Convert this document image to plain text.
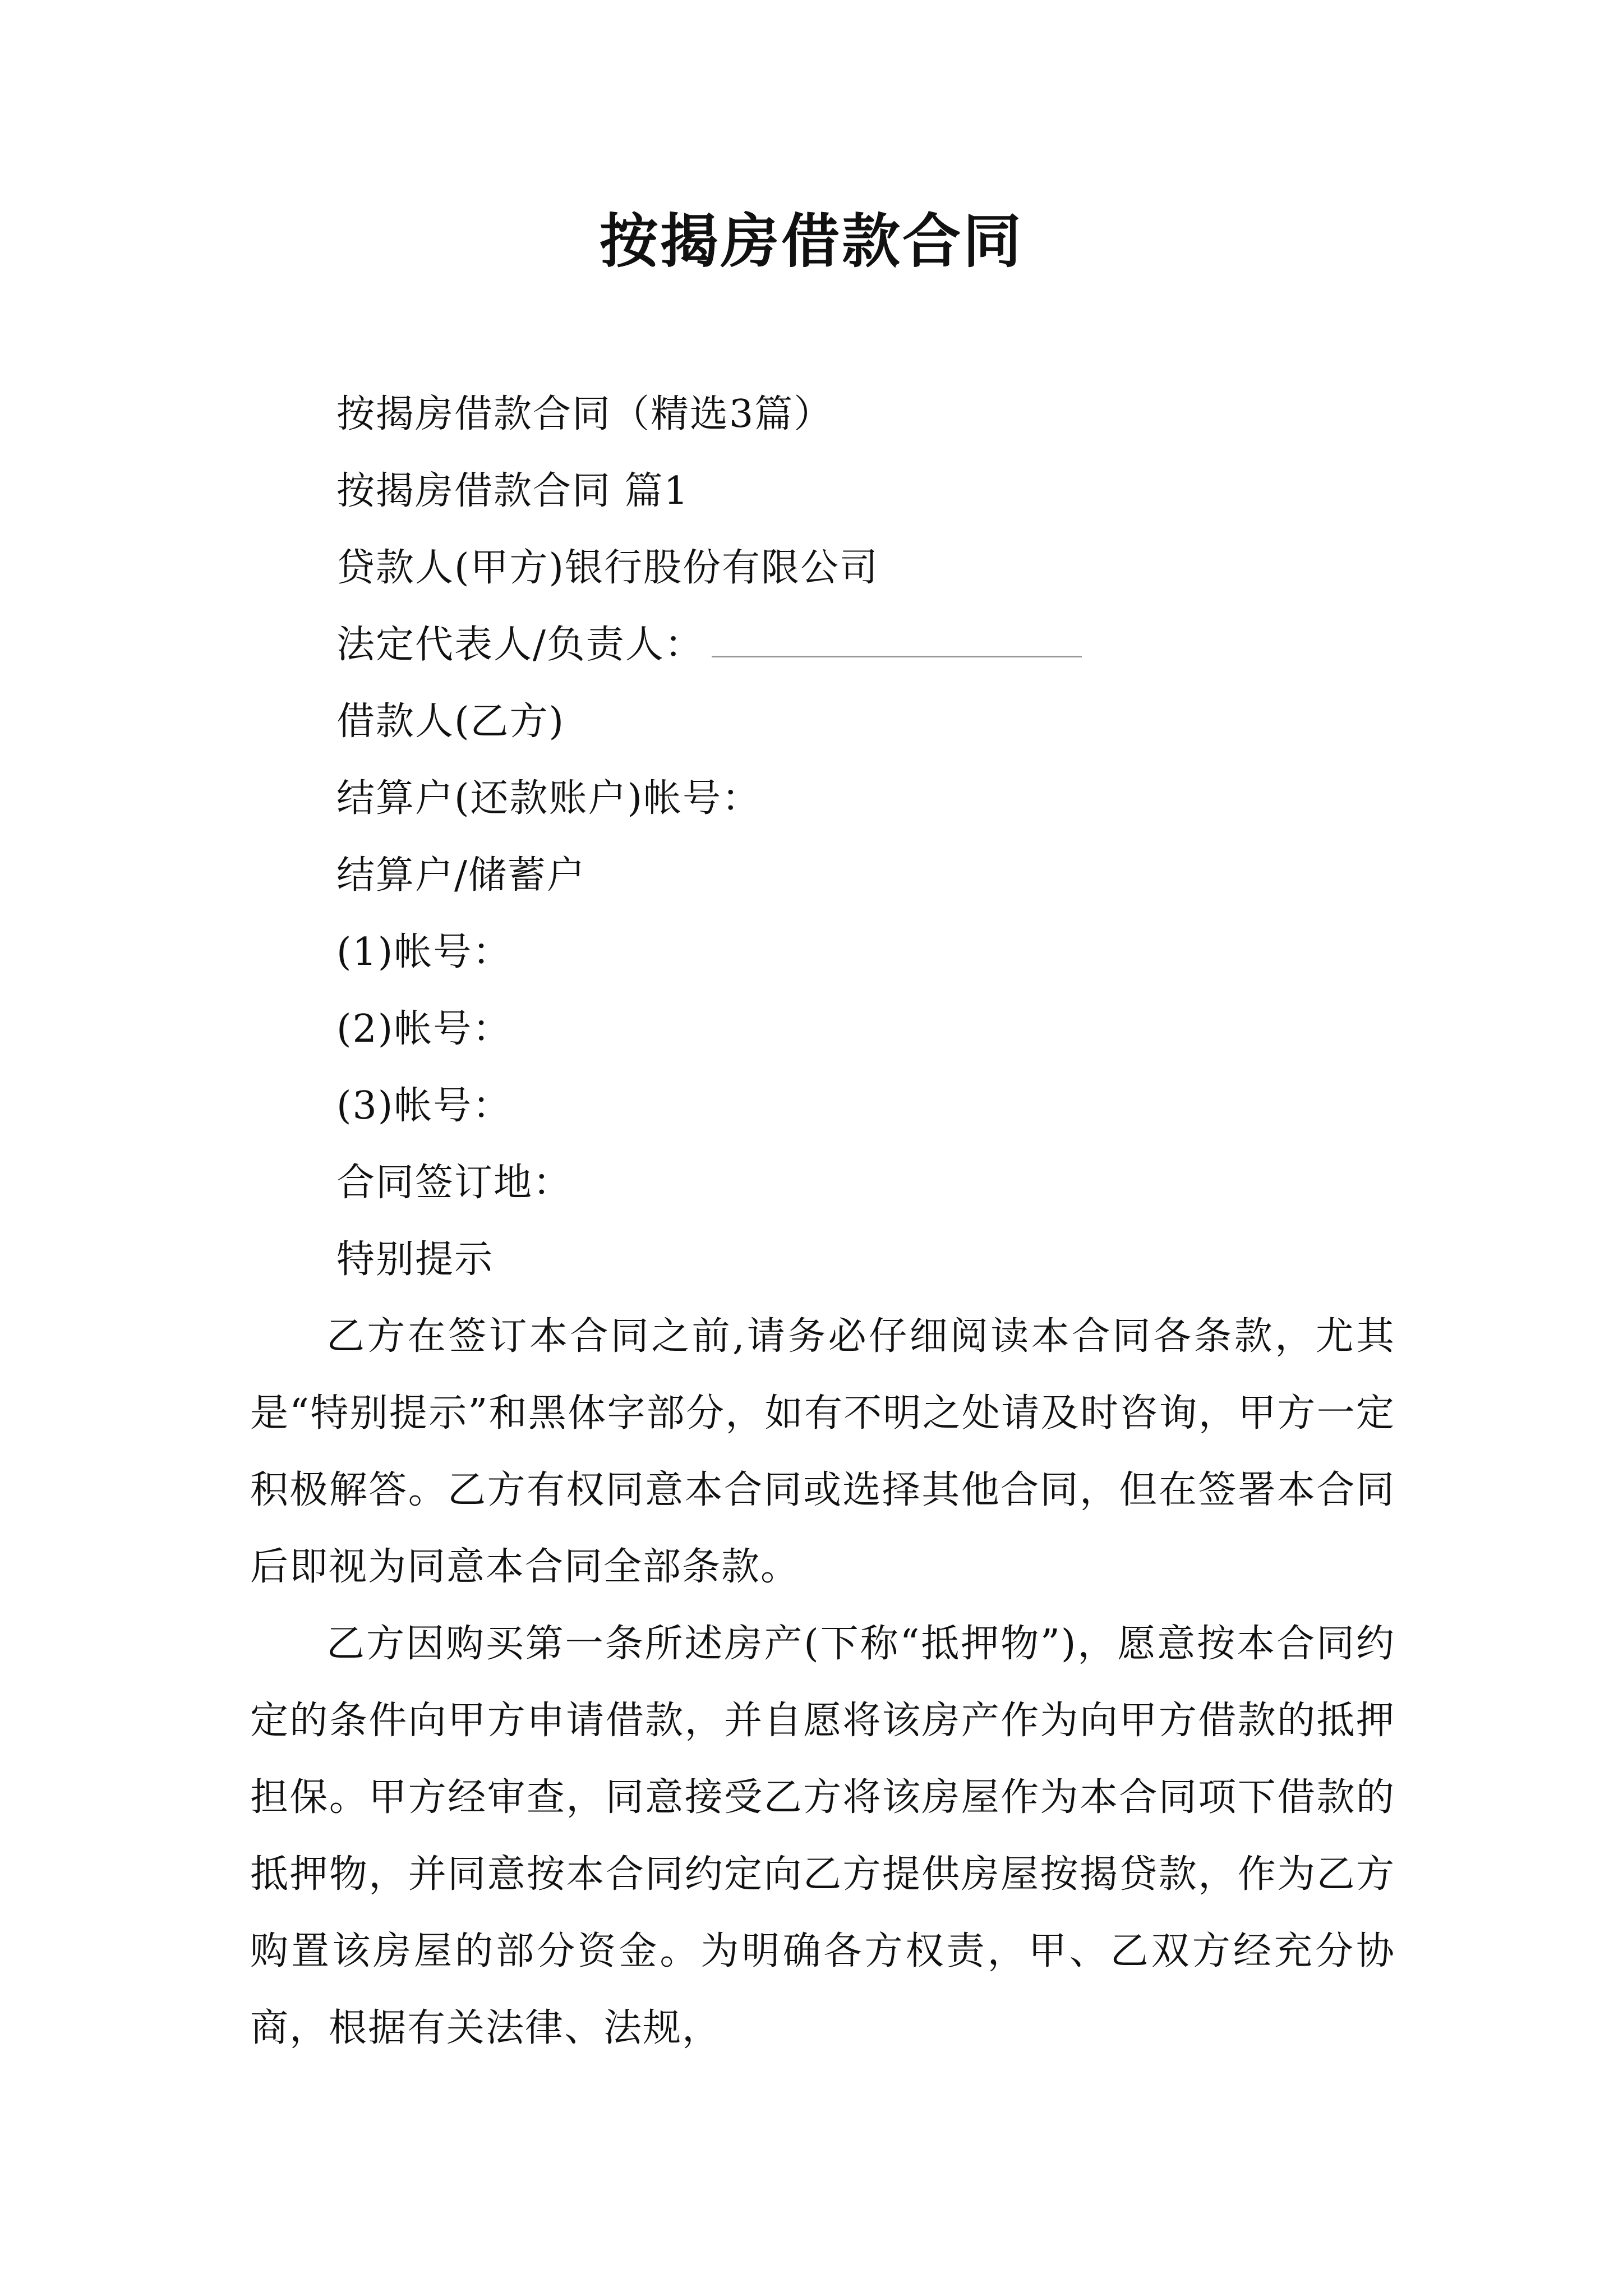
按揭房借款合同
按揭房借款合同（精选3篇）
按揭房借款合同 篇1
贷款人(甲方)银行股份有限公司
法定代表人/负责人：
借款人(乙方)
结算户(还款账户)帐号：
结算户/储蓄户
(1)帐号：
(2)帐号：
(3)帐号：
合同签订地：
特别提示

乙方在签订本合同之前,请务必仔细阅读本合同各条款，尤其是“特别提示”和黑体字部分，如有不明之处请及时咨询，甲方一定积极解答。乙方有权同意本合同或选择其他合同，但在签署本合同后即视为同意本合同全部条款。

乙方因购买第一条所述房产(下称“抵押物”)，愿意按本合同约定的条件向甲方申请借款，并自愿将该房产作为向甲方借款的抵押担保。甲方经审查，同意接受乙方将该房屋作为本合同项下借款的抵押物，并同意按本合同约定向乙方提供房屋按揭贷款，作为乙方购置该房屋的部分资金。为明确各方权责，甲、乙双方经充分协商，根据有关法律、法规，
